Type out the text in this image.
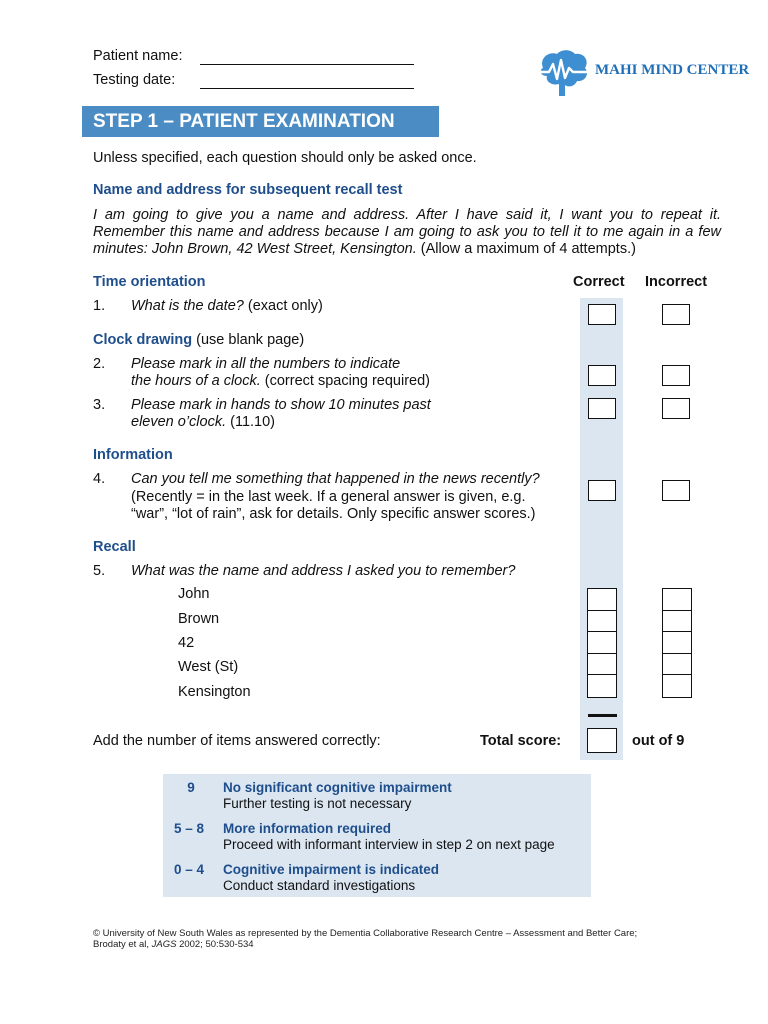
Patient name:
Testing date:
MAHI MIND CENTER
STEP 1 – PATIENT EXAMINATION
Unless specified, each question should only be asked once.
Name and address for subsequent recall test
I am going to give you a name and address. After I have said it, I want you to repeat it. Remember this name and address because I am going to ask you to tell it to me again in a few minutes: John Brown, 42 West Street, Kensington. (Allow a maximum of 4 attempts.)
Correct Incorrect
Time orientation
1. What is the date? (exact only)
Clock drawing (use blank page)
2. Please mark in all the numbers to indicate
the hours of a clock. (correct spacing required)
3. Please mark in hands to show 10 minutes past
eleven o’clock. (11.10)
Information
4. Can you tell me something that happened in the news recently?
(Recently = in the last week. If a general answer is given, e.g.
“war”, “lot of rain”, ask for details. Only specific answer scores.)
Recall
5. What was the name and address I asked you to remember?
John
Brown
42
West (St)
Kensington
Add the number of items answered correctly:	Total score:	out of 9
9	No significant cognitive impairment
Further testing is not necessary
5 – 8	More information required
Proceed with informant interview in step 2 on next page
0 – 4	Cognitive impairment is indicated
Conduct standard investigations
© University of New South Wales as represented by the Dementia Collaborative Research Centre – Assessment and Better Care;
Brodaty et al, JAGS 2002; 50:530-534
